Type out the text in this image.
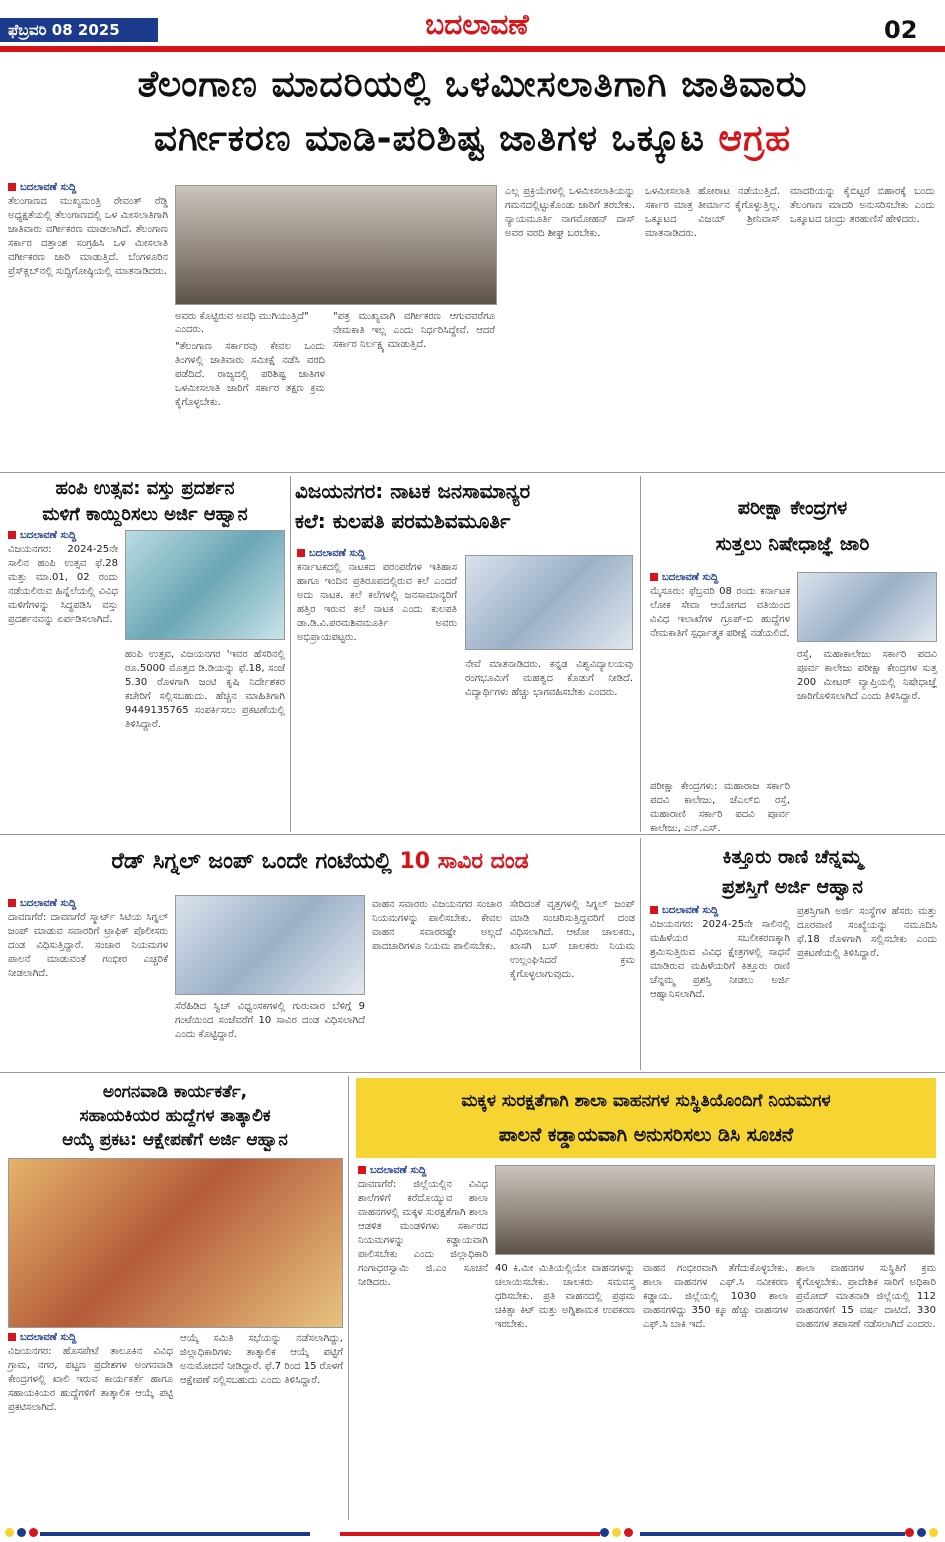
ಫೆಬ್ರವರಿ 08 2025	ಬದಲಾವಣೆ	02
ತೆಲಂಗಾಣ ಮಾದರಿಯಲ್ಲಿ ಒಳಮೀಸಲಾತಿಗಾಗಿ ಜಾತಿವಾರು
ವರ್ಗೀಕರಣ ಮಾಡಿ-ಪರಿಶಿಷ್ಟ ಜಾತಿಗಳ ಒಕ್ಕೂಟ ಆಗ್ರಹ
ಬದಲಾವಣೆ ಸುದ್ದಿ
ತೆಲಂಗಾಣದ ಮುಖ್ಯಮಂತ್ರಿ ರೇವಂತ್ ರೆಡ್ಡಿ ಅಧ್ಯಕ್ಷತೆಯಲ್ಲಿ ತೆಲಂಗಾಣದಲ್ಲಿ ಒಳ ಮೀಸಲಾತಿಗಾಗಿ ಜಾತಿವಾರು ವರ್ಗೀಕರಣ ಮಾಡಲಾಗಿದೆ. ತೆಲಂಗಾಣ ಸರ್ಕಾರ ದತ್ತಾಂಶ ಸಂಗ್ರಹಿಸಿ ಒಳ ಮೀಸಲಾತಿ ವರ್ಗೀಕರಣ ಜಾರಿ ಮಾಡುತ್ತಿದೆ. ಬೆಂಗಳೂರಿನ ಪ್ರೆಸ್‌ಕ್ಲಬ್‌ನಲ್ಲಿ ಸುದ್ದಿಗೋಷ್ಠಿಯಲ್ಲಿ ಮಾತನಾಡಿದರು.
ಅವರು ಕೊಟ್ಟಿರುವ ಅವಧಿ ಮುಗಿಯುತ್ತಿದೆ" ಎಂದರು.
"ತೆಲಂಗಾಣ ಸರ್ಕಾರವು ಕೇವಲ ಒಂದು ತಿಂಗಳಲ್ಲಿ ಜಾತಿವಾರು ಸಮೀಕ್ಷೆ ನಡೆಸಿ ವರದಿ ಪಡೆದಿದೆ. ರಾಜ್ಯದಲ್ಲಿ ಪರಿಶಿಷ್ಟ ಜಾತಿಗಳ ಒಳಮೀಸಲಾತಿ ಜಾರಿಗೆ ಸರ್ಕಾರ ತಕ್ಷಣ ಕ್ರಮ ಕೈಗೊಳ್ಳಬೇಕು.
"ಪತ್ರ ಮುಖ್ಯವಾಗಿ ವರ್ಗೀಕರಣ ಆಗುವವರೆಗೂ ನೇಮಕಾತಿ ಇಲ್ಲ ಎಂದು ನಿರ್ಧರಿಸಿದ್ದೇವೆ. ಆದರೆ ಸರ್ಕಾರ ನಿರ್ಲಕ್ಷ್ಯ ಮಾಡುತ್ತಿದೆ.
ಎಲ್ಲ ಪ್ರಕ್ರಿಯೆಗಳಲ್ಲಿ ಒಳಮೀಸಲಾತಿಯನ್ನು ಗಮನದಲ್ಲಿಟ್ಟುಕೊಂಡು ಜಾರಿಗೆ ತರಬೇಕು. ನ್ಯಾಯಮೂರ್ತಿ ನಾಗಮೋಹನ್ ದಾಸ್ ಅವರ ವರದಿ ಶೀಘ್ರ ಬರಬೇಕು.
ಒಳಮೀಸಲಾತಿ ಹೋರಾಟ ನಡೆಯುತ್ತಿದೆ. ಸರ್ಕಾರ ಮಾತ್ರ ತೀರ್ಮಾನ ಕೈಗೊಳ್ಳುತ್ತಿಲ್ಲ. ಒಕ್ಕೂಟದ ವಿಜಯ್ ಶ್ರೀನಿವಾಸ್ ಮಾತನಾಡಿದರು.
ಮಾದರಿಯನ್ನು ಕೈಬಿಟ್ಟರೆ ಬಿಹಾರಕ್ಕೆ ಬಂದು ತೆಲಂಗಾಣ ಮಾದರಿ ಅನುಸರಿಸಬೇಕು ಎಂದು ಒಕ್ಕೂಟದ ಚಂದ್ರು ತರಹುಣಿಸೆ ಹೇಳಿದರು.
ಹಂಪಿ ಉತ್ಸವ: ವಸ್ತು ಪ್ರದರ್ಶನ
ಮಳಿಗೆ ಕಾಯ್ದಿರಿಸಲು ಅರ್ಜಿ ಆಹ್ವಾನ
ಬದಲಾವಣೆ ಸುದ್ದಿ
ವಿಜಯನಗರ: 2024-25ನೇ ಸಾಲಿನ ಹಂಪಿ ಉತ್ಸವ ಫೆ.28 ಮತ್ತು ಮಾ.01, 02 ರಂದು ನಡೆಯಲಿರುವ ಹಿನ್ನೆಲೆಯಲ್ಲಿ ವಿವಿಧ ಮಳಿಗೆಗಳನ್ನು ಸಿದ್ಧಪಡಿಸಿ ವಸ್ತು ಪ್ರದರ್ಶನವನ್ನು ಏರ್ಪಡಿಸಲಾಗಿದೆ.
ಹಂಪಿ ಉತ್ಸವ, ವಿಜಯನಗರ 'ಇವರ ಹೆಸರಿನಲ್ಲಿ ರೂ.5000 ಮೊತ್ತದ ಡಿ.ಡಿಯನ್ನು ಫೆ.18, ಸಂಜೆ 5.30 ರೊಳಗಾಗಿ ಜಂಟಿ ಕೃಷಿ ನಿರ್ದೇಶಕರ ಕಚೇರಿಗೆ ಸಲ್ಲಿಸಬಹುದು. ಹೆಚ್ಚಿನ ಮಾಹಿತಿಗಾಗಿ 9449135765 ಸಂಪರ್ಕಿಸಲು ಪ್ರಕಟಣೆಯಲ್ಲಿ ತಿಳಿಸಿದ್ದಾರೆ.
ವಿಜಯನಗರ: ನಾಟಕ ಜನಸಾಮಾನ್ಯರ
ಕಲೆ: ಕುಲಪತಿ ಪರಮಶಿವಮೂರ್ತಿ
ಬದಲಾವಣೆ ಸುದ್ದಿ
ಕರ್ನಾಟಕದಲ್ಲಿ ನಾಟಕದ ಪರಂಪರೆಗಳ ಇತಿಹಾಸ ಹಾಗೂ ಇಂದಿನ ಪ್ರತಿರೂಪದಲ್ಲಿರುವ ಕಲೆ ಎಂದರೆ ಅದು ನಾಟಕ. ಕಲೆ ಕಲೆಗಳಲ್ಲಿ ಜನಸಾಮಾನ್ಯರಿಗೆ ಹತ್ತಿರ ಇರುವ ಕಲೆ ನಾಟಕ ಎಂದು ಕುಲಪತಿ ಡಾ.ಡಿ.ವಿ.ಪರಮಶಿವಮೂರ್ತಿ ಅವರು ಅಭಿಪ್ರಾಯಪಟ್ಟರು.
ನೇವೆ ಮಾತನಾಡಿದರು. ಕನ್ನಡ ವಿಶ್ವವಿದ್ಯಾಲಯವು ರಂಗಭೂಮಿಗೆ ಮಹತ್ವದ ಕೊಡುಗೆ ನೀಡಿದೆ. ವಿದ್ಯಾರ್ಥಿಗಳು ಹೆಚ್ಚು ಭಾಗವಹಿಸಬೇಕು ಎಂದರು.
ಪರೀಕ್ಷಾ ಕೇಂದ್ರಗಳ
ಸುತ್ತಲು ನಿಷೇಧಾಜ್ಞೆ ಜಾರಿ
ಬದಲಾವಣೆ ಸುದ್ದಿ
ಮೈಸೂರು: ಫೆಬ್ರವರಿ 08 ರಂದು ಕರ್ನಾಟಕ ಲೋಕ ಸೇವಾ ಆಯೋಗದ ವತಿಯಿಂದ ವಿವಿಧ ಇಲಾಖೆಗಳ ಗ್ರೂಪ್-ಬಿ ಹುದ್ದೆಗಳ ನೇಮಕಾತಿಗೆ ಸ್ಪರ್ಧಾತ್ಮಕ ಪರೀಕ್ಷೆ ನಡೆಯಲಿದೆ.
ರಸ್ತೆ, ಮಹಾಕಾಲೇಜು ಸರ್ಕಾರಿ ಪದವಿ ಪೂರ್ವ ಕಾಲೇಜು ಪರೀಕ್ಷಾ ಕೇಂದ್ರಗಳ ಸುತ್ತ 200 ಮೀಟರ್ ವ್ಯಾಪ್ತಿಯಲ್ಲಿ ನಿಷೇಧಾಜ್ಞೆ ಜಾರಿಗೊಳಿಸಲಾಗಿದೆ ಎಂದು ತಿಳಿಸಿದ್ದಾರೆ.
ಪರೀಕ್ಷಾ ಕೇಂದ್ರಗಳು: ಮಹಾರಾಜ ಸರ್ಕಾರಿ ಪದವಿ ಕಾಲೇಜು, ಜೆಎಲ್‌ಬಿ ರಸ್ತೆ, ಮಹಾರಾಣಿ ಸರ್ಕಾರಿ ಪದವಿ ಪೂರ್ವ ಕಾಲೇಜು, ಎನ್.ಎಸ್.
ರೆಡ್ ಸಿಗ್ನಲ್ ಜಂಪ್ ಒಂದೇ ಗಂಟೆಯಲ್ಲಿ 10 ಸಾವಿರ ದಂಡ
ಬದಲಾವಣೆ ಸುದ್ದಿ
ದಾವಣಗೆರೆ: ದಾವಣಗೆರೆ ಸ್ಮಾರ್ಟ್ ಸಿಟಿಯ ಸಿಗ್ನಲ್ ಜಂಪ್ ಮಾಡುವ ಸವಾರರಿಗೆ ಟ್ರಾಫಿಕ್ ಪೊಲೀಸರು ದಂಡ ವಿಧಿಸುತ್ತಿದ್ದಾರೆ. ಸಂಚಾರ ನಿಯಮಗಳ ಪಾಲನೆ ಮಾಡುವಂತೆ ಗಂಭೀರ ಎಚ್ಚರಿಕೆ ನೀಡಲಾಗಿದೆ.
ಸೆರೆಹಿಡಿದ ಸ್ವಿಚ್ ವಿಧ್ವಂಸಕಗಳಲ್ಲಿ ಗುರುವಾರ ಬೆಳಿಗ್ಗೆ 9 ಗಂಟೆಯಿಂದ ಸಂಜೆವರೆಗೆ 10 ಸಾವಿರ ದಂಡ ವಿಧಿಸಲಾಗಿದೆ ಎಂದು ಕೊಟ್ಟಿದ್ದಾರೆ.
ವಾಹನ ಸವಾರರು ವಿಜಯನಗರ ಸಂಚಾರ ನಿಯಮಗಳನ್ನು ಪಾಲಿಸಬೇಕು. ಕೇವಲ ವಾಹನ ಸವಾರರಷ್ಟೇ ಅಲ್ಲದೆ ಪಾದಚಾರಿಗಳೂ ನಿಯಮ ಪಾಲಿಸಬೇಕು.
ಸೇರಿದಂತೆ ವೃತ್ತಗಳಲ್ಲಿ ಸಿಗ್ನಲ್ ಜಂಪ್ ಮಾಡಿ ಸಂಚರಿಸುತ್ತಿದ್ದವರಿಗೆ ದಂಡ ವಿಧಿಸಲಾಗಿದೆ. ಆಟೋ ಚಾಲಕರು, ಖಾಸಗಿ ಬಸ್ ಚಾಲಕರು ನಿಯಮ ಉಲ್ಲಂಘಿಸಿದರೆ ಕ್ರಮ ಕೈಗೊಳ್ಳಲಾಗುವುದು.
ಕಿತ್ತೂರು ರಾಣಿ ಚೆನ್ನಮ್ಮ
ಪ್ರಶಸ್ತಿಗೆ ಅರ್ಜಿ ಆಹ್ವಾನ
ಬದಲಾವಣೆ ಸುದ್ದಿ
ವಿಜಯನಗರ: 2024-25ನೇ ಸಾಲಿನಲ್ಲಿ ಮಹಿಳೆಯರ ಸಬಲೀಕರಣಕ್ಕಾಗಿ ಶ್ರಮಿಸುತ್ತಿರುವ ವಿವಿಧ ಕ್ಷೇತ್ರಗಳಲ್ಲಿ ಸಾಧನೆ ಮಾಡಿರುವ ಮಹಿಳೆಯರಿಗೆ ಕಿತ್ತೂರು ರಾಣಿ ಚೆನ್ನಮ್ಮ ಪ್ರಶಸ್ತಿ ನೀಡಲು ಅರ್ಜಿ ಆಹ್ವಾನಿಸಲಾಗಿದೆ.
ಪ್ರಶಸ್ತಿಗಾಗಿ ಅರ್ಜಿ ಸಂಸ್ಥೆಗಳ ಹೆಸರು ಮತ್ತು ದೂರವಾಣಿ ಸಂಖ್ಯೆಯನ್ನು ನಮೂದಿಸಿ ಫೆ.18 ರೊಳಗಾಗಿ ಸಲ್ಲಿಸಬೇಕು ಎಂದು ಪ್ರಕಟಣೆಯಲ್ಲಿ ತಿಳಿಸಿದ್ದಾರೆ.
ಅಂಗನವಾಡಿ ಕಾರ್ಯಕರ್ತೆ,
ಸಹಾಯಕಿಯರ ಹುದ್ದೆಗಳ ತಾತ್ಕಾಲಿಕ
ಆಯ್ಕೆ ಪ್ರಕಟ: ಆಕ್ಷೇಪಣೆಗೆ ಅರ್ಜಿ ಆಹ್ವಾನ
ಬದಲಾವಣೆ ಸುದ್ದಿ
ವಿಜಯನಗರ: ಹೊಸಪೇಟೆ ತಾಲೂಕಿನ ವಿವಿಧ ಗ್ರಾಮ, ನಗರ, ಪಟ್ಟಣ ಪ್ರದೇಶಗಳ ಅಂಗನವಾಡಿ ಕೇಂದ್ರಗಳಲ್ಲಿ ಖಾಲಿ ಇರುವ ಕಾರ್ಯಕರ್ತೆ ಹಾಗೂ ಸಹಾಯಕಿಯರ ಹುದ್ದೆಗಳಿಗೆ ತಾತ್ಕಾಲಿಕ ಆಯ್ಕೆ ಪಟ್ಟಿ ಪ್ರಕಟಿಸಲಾಗಿದೆ.
ಆಯ್ಕೆ ಸಮಿತಿ ಸಭೆಯನ್ನು ನಡೆಸಲಾಗಿದ್ದು, ಜಿಲ್ಲಾಧಿಕಾರಿಗಳು ತಾತ್ಕಾಲಿಕ ಆಯ್ಕೆ ಪಟ್ಟಿಗೆ ಅನುಮೋದನೆ ನೀಡಿದ್ದಾರೆ. ಫೆ.7 ರಿಂದ 15 ರೊಳಗೆ ಆಕ್ಷೇಪಣೆ ಸಲ್ಲಿಸಬಹುದು ಎಂದು ತಿಳಿಸಿದ್ದಾರೆ.
ಮಕ್ಕಳ ಸುರಕ್ಷತೆಗಾಗಿ ಶಾಲಾ ವಾಹನಗಳ ಸುಸ್ಥಿತಿಯೊಂದಿಗೆ ನಿಯಮಗಳ
ಪಾಲನೆ ಕಡ್ಡಾಯವಾಗಿ ಅನುಸರಿಸಲು ಡಿಸಿ ಸೂಚನೆ
ಬದಲಾವಣೆ ಸುದ್ದಿ
ದಾವಣಗೆರೆ: ಜಿಲ್ಲೆಯಲ್ಲಿನ ವಿವಿಧ ಶಾಲೆಗಳಿಗೆ ಕರೆದೊಯ್ಯುವ ಶಾಲಾ ವಾಹನಗಳಲ್ಲಿ ಮಕ್ಕಳ ಸುರಕ್ಷತೆಗಾಗಿ ಶಾಲಾ ಆಡಳಿತ ಮಂಡಳಿಗಳು ಸರ್ಕಾರದ ನಿಯಮಗಳನ್ನು ಕಡ್ಡಾಯವಾಗಿ ಪಾಲಿಸಬೇಕು ಎಂದು ಜಿಲ್ಲಾಧಿಕಾರಿ ಗಂಗಾಧರಸ್ವಾಮಿ ಜಿ.ಎಂ ಸೂಚನೆ ನೀಡಿದರು.
40 ಕಿ.ಮೀ ಮಿತಿಯಲ್ಲಿಯೇ ವಾಹನಗಳನ್ನು ಚಲಾಯಿಸಬೇಕು. ಚಾಲಕರು ಸಮವಸ್ತ್ರ ಧರಿಸಬೇಕು. ಪ್ರತಿ ವಾಹನದಲ್ಲಿ ಪ್ರಥಮ ಚಿಕಿತ್ಸಾ ಕಿಟ್ ಮತ್ತು ಅಗ್ನಿಶಾಮಕ ಉಪಕರಣ ಇರಬೇಕು.
ವಾಹನ ಗಂಭೀರವಾಗಿ ತೆಗೆದುಕೊಳ್ಳಬೇಕು. ಶಾಲಾ ವಾಹನಗಳ ಎಫ್.ಸಿ ನವೀಕರಣ ಕಡ್ಡಾಯ. ಜಿಲ್ಲೆಯಲ್ಲಿ 1030 ಶಾಲಾ ವಾಹನಗಳಿದ್ದು 350 ಕ್ಕೂ ಹೆಚ್ಚು ವಾಹನಗಳ ಎಫ್.ಸಿ ಬಾಕಿ ಇದೆ.
ಶಾಲಾ ವಾಹನಗಳ ಸುಸ್ಥಿತಿಗೆ ಕ್ರಮ ಕೈಗೊಳ್ಳಬೇಕು. ಪ್ರಾದೇಶಿಕ ಸಾರಿಗೆ ಅಧಿಕಾರಿ ಪ್ರಮೋದ್ ಮಾತನಾಡಿ ಜಿಲ್ಲೆಯಲ್ಲಿ 112 ವಾಹನಗಳಿಗೆ 15 ವರ್ಷ ದಾಟಿದೆ. 330 ವಾಹನಗಳ ತಪಾಸಣೆ ನಡೆಸಲಾಗಿದೆ ಎಂದರು.
